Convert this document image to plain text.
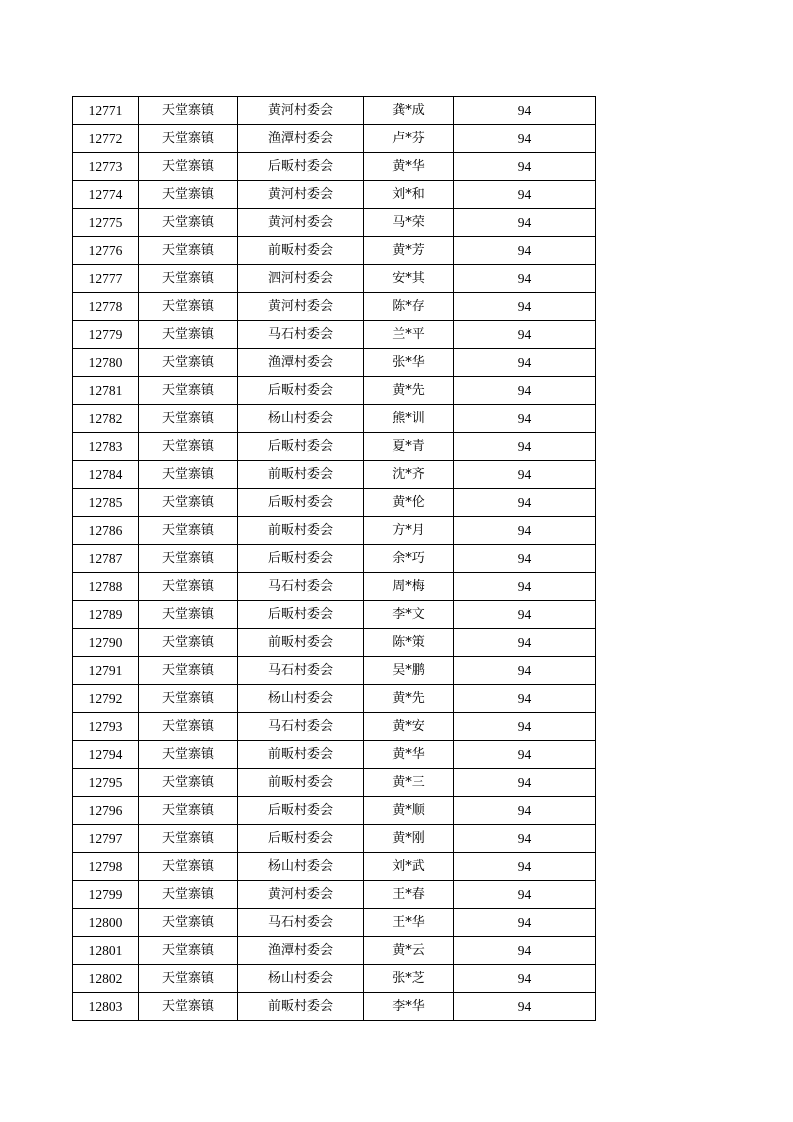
12771	天堂寨镇	黄河村委会	龚*成	94
12772	天堂寨镇	渔潭村委会	卢*芬	94
12773	天堂寨镇	后畈村委会	黄*华	94
12774	天堂寨镇	黄河村委会	刘*和	94
12775	天堂寨镇	黄河村委会	马*荣	94
12776	天堂寨镇	前畈村委会	黄*芳	94
12777	天堂寨镇	泗河村委会	安*其	94
12778	天堂寨镇	黄河村委会	陈*存	94
12779	天堂寨镇	马石村委会	兰*平	94
12780	天堂寨镇	渔潭村委会	张*华	94
12781	天堂寨镇	后畈村委会	黄*先	94
12782	天堂寨镇	杨山村委会	熊*训	94
12783	天堂寨镇	后畈村委会	夏*青	94
12784	天堂寨镇	前畈村委会	沈*齐	94
12785	天堂寨镇	后畈村委会	黄*伦	94
12786	天堂寨镇	前畈村委会	方*月	94
12787	天堂寨镇	后畈村委会	余*巧	94
12788	天堂寨镇	马石村委会	周*梅	94
12789	天堂寨镇	后畈村委会	李*文	94
12790	天堂寨镇	前畈村委会	陈*策	94
12791	天堂寨镇	马石村委会	吴*鹏	94
12792	天堂寨镇	杨山村委会	黄*先	94
12793	天堂寨镇	马石村委会	黄*安	94
12794	天堂寨镇	前畈村委会	黄*华	94
12795	天堂寨镇	前畈村委会	黄*三	94
12796	天堂寨镇	后畈村委会	黄*顺	94
12797	天堂寨镇	后畈村委会	黄*刚	94
12798	天堂寨镇	杨山村委会	刘*武	94
12799	天堂寨镇	黄河村委会	王*春	94
12800	天堂寨镇	马石村委会	王*华	94
12801	天堂寨镇	渔潭村委会	黄*云	94
12802	天堂寨镇	杨山村委会	张*芝	94
12803	天堂寨镇	前畈村委会	李*华	94
